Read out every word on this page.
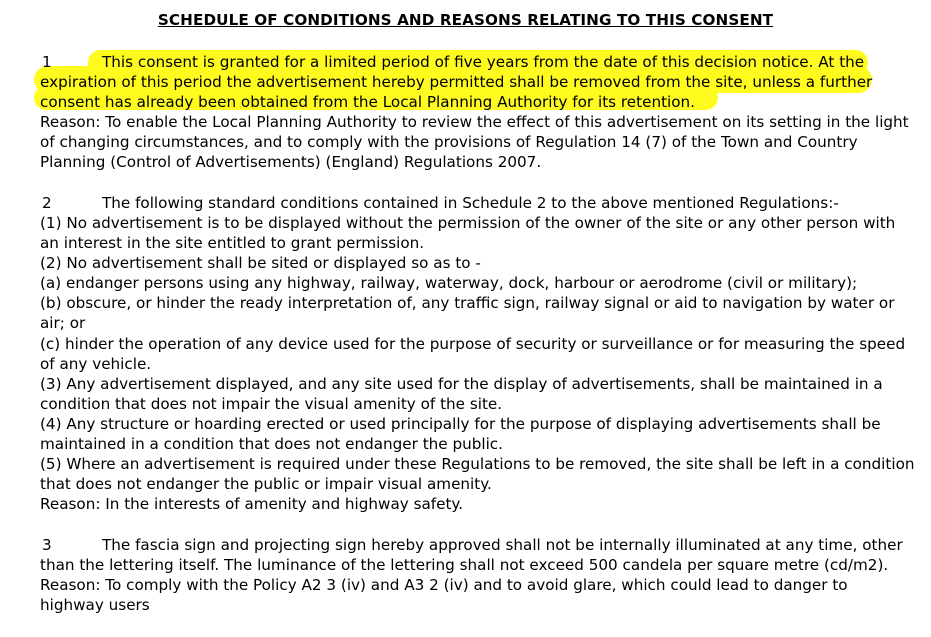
SCHEDULE OF CONDITIONS AND REASONS RELATING TO THIS CONSENT
1	This consent is granted for a limited period of five years from the date of this decision notice. At the
expiration of this period the advertisement hereby permitted shall be removed from the site, unless a further
consent has already been obtained from the Local Planning Authority for its retention.
Reason: To enable the Local Planning Authority to review the effect of this advertisement on its setting in the light
of changing circumstances, and to comply with the provisions of Regulation 14 (7) of the Town and Country
Planning (Control of Advertisements) (England) Regulations 2007.
2	The following standard conditions contained in Schedule 2 to the above mentioned Regulations:-
(1) No advertisement is to be displayed without the permission of the owner of the site or any other person with
an interest in the site entitled to grant permission.
(2) No advertisement shall be sited or displayed so as to -
(a) endanger persons using any highway, railway, waterway, dock, harbour or aerodrome (civil or military);
(b) obscure, or hinder the ready interpretation of, any traffic sign, railway signal or aid to navigation by water or
air; or
(c) hinder the operation of any device used for the purpose of security or surveillance or for measuring the speed
of any vehicle.
(3) Any advertisement displayed, and any site used for the display of advertisements, shall be maintained in a
condition that does not impair the visual amenity of the site.
(4) Any structure or hoarding erected or used principally for the purpose of displaying advertisements shall be
maintained in a condition that does not endanger the public.
(5) Where an advertisement is required under these Regulations to be removed, the site shall be left in a condition
that does not endanger the public or impair visual amenity.
Reason: In the interests of amenity and highway safety.
3	The fascia sign and projecting sign hereby approved shall not be internally illuminated at any time, other
than the lettering itself. The luminance of the lettering shall not exceed 500 candela per square metre (cd/m2).
Reason: To comply with the Policy A2 3 (iv) and A3 2 (iv) and to avoid glare, which could lead to danger to
highway users
